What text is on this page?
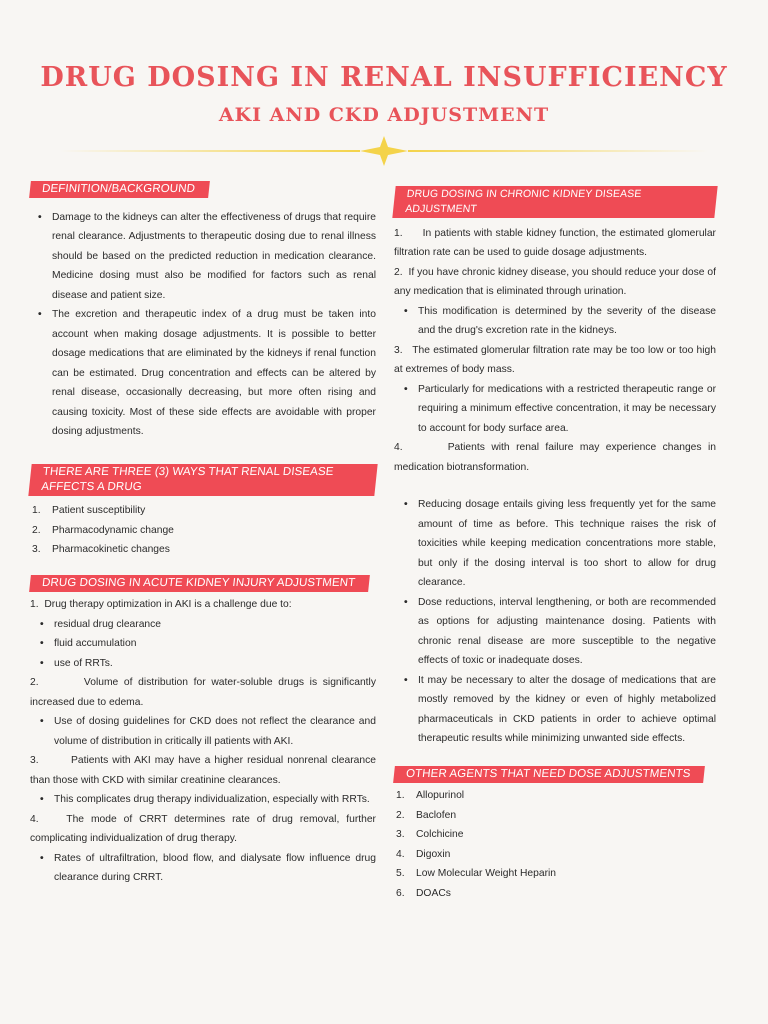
DRUG DOSING IN RENAL INSUFFICIENCY
AKI AND CKD ADJUSTMENT
DEFINITION/BACKGROUND
• Damage to the kidneys can alter the effectiveness of drugs that require renal clearance. Adjustments to therapeutic dosing due to renal illness should be based on the predicted reduction in medication clearance. Medicine dosing must also be modified for factors such as renal disease and patient size.
• The excretion and therapeutic index of a drug must be taken into account when making dosage adjustments. It is possible to better dosage medications that are eliminated by the kidneys if renal function can be estimated. Drug concentration and effects can be altered by renal disease, occasionally decreasing, but more often rising and causing toxicity. Most of these side effects are avoidable with proper dosing adjustments.
THERE ARE THREE (3) WAYS THAT RENAL DISEASE AFFECTS A DRUG
1. Patient susceptibility
2. Pharmacodynamic change
3. Pharmacokinetic changes
DRUG DOSING IN ACUTE KIDNEY INJURY ADJUSTMENT

1. Drug therapy optimization in AKI is a challenge due to:

• residual drug clearance
• fluid accumulation
• use of RRTs.

2.	Volume of distribution for water-soluble drugs is significantly increased due to edema.

• Use of dosing guidelines for CKD does not reflect the clearance and volume of distribution in critically ill patients with AKI.

3.	Patients with AKI may have a higher residual nonrenal clearance than those with CKD with similar creatinine clearances.

• This complicates drug therapy individualization, especially with RRTs.

4.	The mode of CRRT determines rate of drug removal, further complicating individualization of drug therapy.

• Rates of ultrafiltration, blood flow, and dialysate flow influence drug clearance during CRRT.
DRUG DOSING IN CHRONIC KIDNEY DISEASE ADJUSTMENT

1. In patients with stable kidney function, the estimated glomerular filtration rate can be used to guide dosage adjustments.

2. If you have chronic kidney disease, you should reduce your dose of any medication that is eliminated through urination.

• This modification is determined by the severity of the disease and the drug's excretion rate in the kidneys.

3. The estimated glomerular filtration rate may be too low or too high at extremes of body mass.

• Particularly for medications with a restricted therapeutic range or requiring a minimum effective concentration, it may be necessary to account for body surface area.

4.	Patients with renal failure may experience changes in medication biotransformation.

• Reducing dosage entails giving less frequently yet for the same amount of time as before. This technique raises the risk of toxicities while keeping medication concentrations more stable, but only if the dosing interval is too short to allow for drug clearance.
• Dose reductions, interval lengthening, or both are recommended as options for adjusting maintenance dosing. Patients with chronic renal disease are more susceptible to the negative effects of toxic or inadequate doses.
• It may be necessary to alter the dosage of medications that are mostly removed by the kidney or even of highly metabolized pharmaceuticals in CKD patients in order to achieve optimal therapeutic results while minimizing unwanted side effects.
OTHER AGENTS THAT NEED DOSE ADJUSTMENTS
1. Allopurinol
2. Baclofen
3. Colchicine
4. Digoxin
5. Low Molecular Weight Heparin
6. DOACs
